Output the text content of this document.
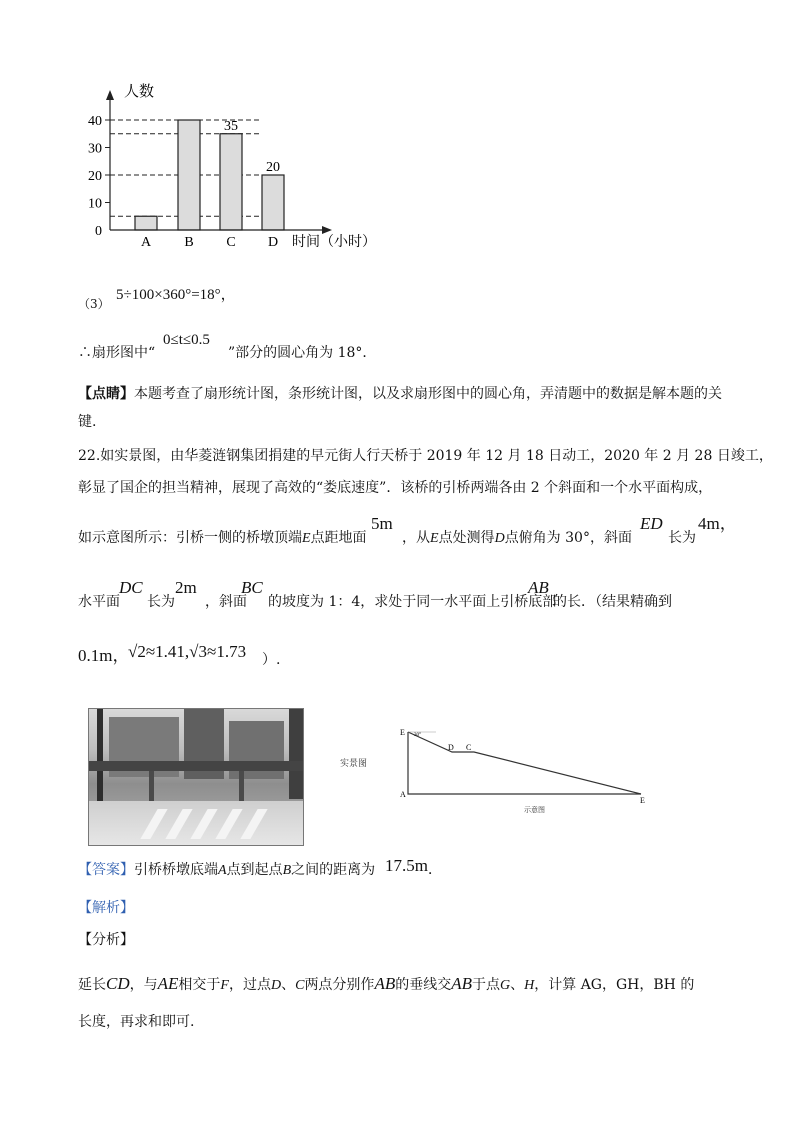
A B C
35
D
20
0
10
20
30
40
人数
时间（小时）
（3）
5÷100×360°=18°，
∴扇形图中“
0≤t≤0.5
”部分的圆心角为 18°．
【点睛】本题考查了扇形统计图，条形统计图，以及求扇形图中的圆心角，弄清题中的数据是解本题的关
键.
22.如实景图，由华菱涟钢集团捐建的早元街人行天桥于 2019 年 12 月 18 日动工，2020 年 2 月 28 日竣工，
彰显了国企的担当精神，展现了高效的“娄底速度”．该桥的引桥两端各由 2 个斜面和一个水平面构成，
如示意图所示：引桥一侧的桥墩顶端E点距地面
5m
，从E点处测得D点俯角为 30°，斜面
ED
长为
4m，
水平面
DC
长为
2m
，斜面
BC
的坡度为 1：4，求处于同一水平面上引桥底部
AB
的长．（结果精确到
0.1m，
√2≈1.41,√3≈1.73 ）.
实景图
E 30°
D C
A
E
示意图
【答案】引桥桥墩底端A点到起点B之间的距离为 17.5m ．
【解析】
【分析】
延长CD，与AE相交于F，过点D、C两点分别作AB的垂线交AB于点G、H，计算 AG，GH，BH 的
长度，再求和即可.
